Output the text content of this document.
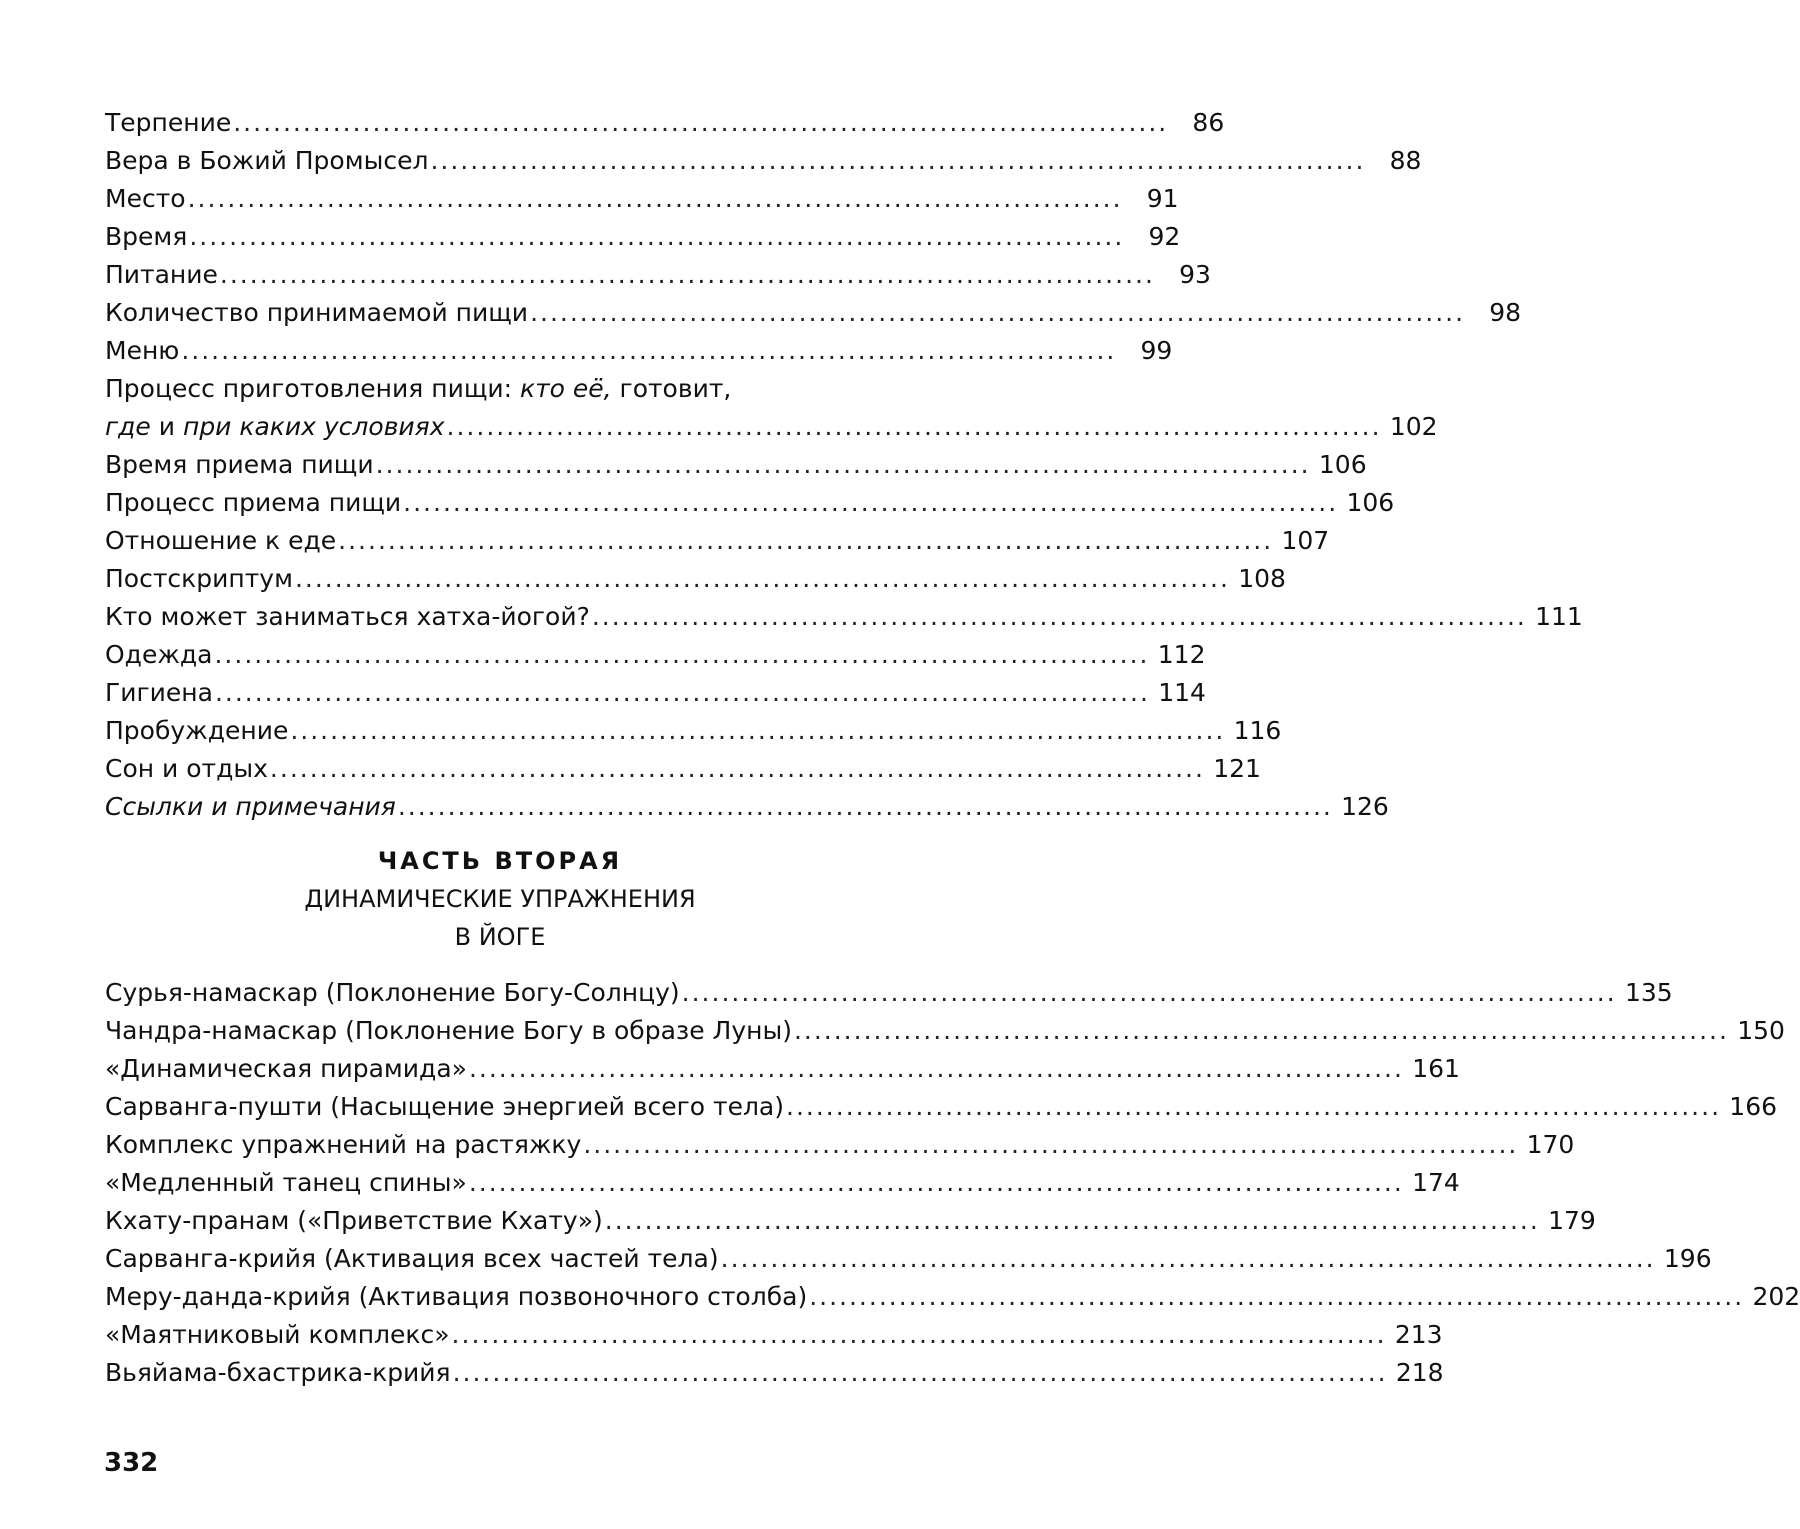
Терпение .............................................................................................. 86
Вера в Божий Промысел .............................................................................................. 88
Место .............................................................................................. 91
Время .............................................................................................. 92
Питание .............................................................................................. 93
Количество принимаемой пищи .............................................................................................. 98
Меню .............................................................................................. 99
Процесс приготовления пищи: кто её, готовит,
где и при каких условиях .............................................................................................. 102
Время приема пищи .............................................................................................. 106
Процесс приема пищи .............................................................................................. 106
Отношение к еде .............................................................................................. 107
Постскриптум .............................................................................................. 108
Кто может заниматься хатха-йогой? .............................................................................................. 111
Одежда .............................................................................................. 112
Гигиена .............................................................................................. 114
Пробуждение .............................................................................................. 116
Сон и отдых .............................................................................................. 121
Ссылки и примечания .............................................................................................. 126
ЧАСТЬ ВТОРАЯ
ДИНАМИЧЕСКИЕ УПРАЖНЕНИЯ
В ЙОГЕ
Сурья-намаскар (Поклонение Богу-Солнцу) .............................................................................................. 135
Чандра-намаскар (Поклонение Богу в образе Луны) .............................................................................................. 150
«Динамическая пирамида» .............................................................................................. 161
Сарванга-пушти (Насыщение энергией всего тела) .............................................................................................. 166
Комплекс упражнений на растяжку .............................................................................................. 170
«Медленный танец спины» .............................................................................................. 174
Кхату-пранам («Приветствие Кхату») .............................................................................................. 179
Сарванга-крийя (Активация всех частей тела) .............................................................................................. 196
Меру-данда-крийя (Активация позвоночного столба) .............................................................................................. 202
«Маятниковый комплекс» .............................................................................................. 213
Вьяйама-бхастрика-крийя .............................................................................................. 218
332
